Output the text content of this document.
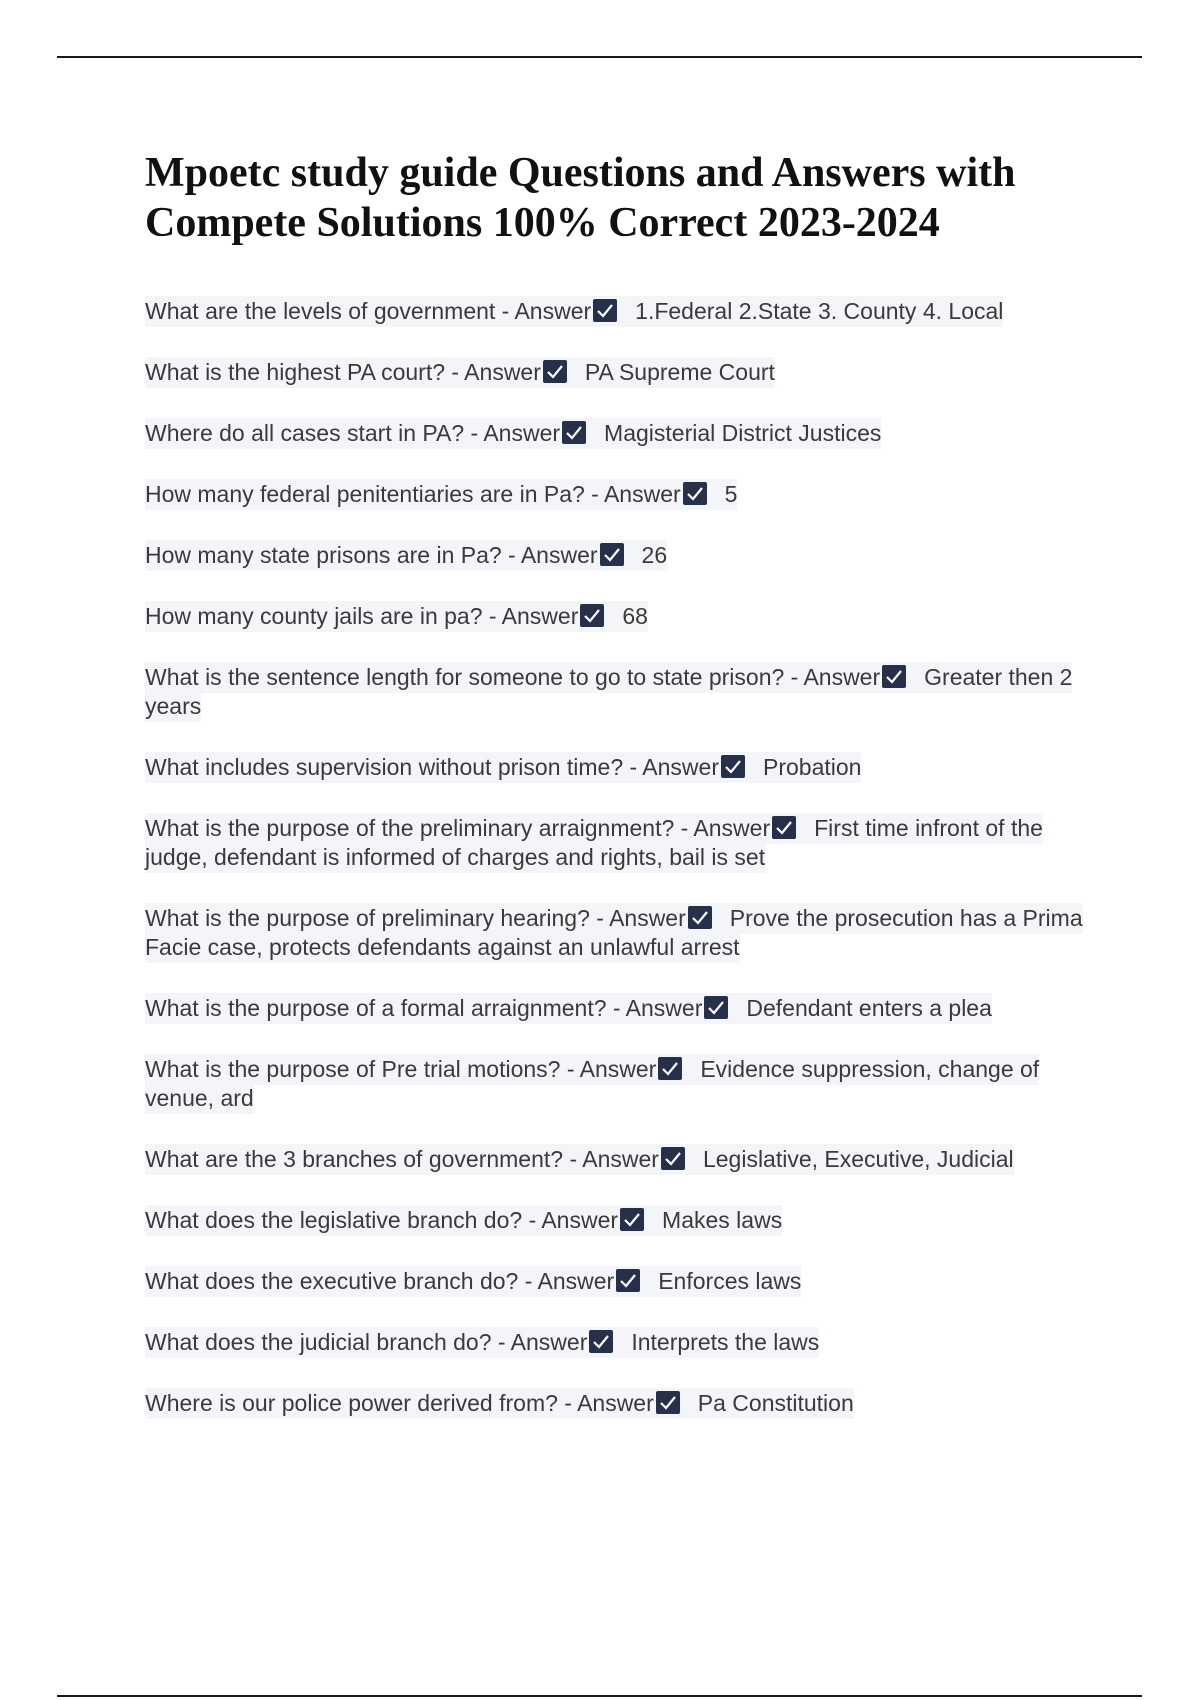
Mpoetc study guide Questions and Answers with Compete Solutions 100% Correct 2023-2024
What are the levels of government - Answer 1.Federal 2.State 3. County 4. Local
What is the highest PA court? - Answer PA Supreme Court
Where do all cases start in PA? - Answer Magisterial District Justices
How many federal penitentiaries are in Pa? - Answer 5
How many state prisons are in Pa? - Answer 26
How many county jails are in pa? - Answer 68
What is the sentence length for someone to go to state prison? - Answer Greater then 2 years
What includes supervision without prison time? - Answer Probation
What is the purpose of the preliminary arraignment? - Answer First time infront of the judge, defendant is informed of charges and rights, bail is set
What is the purpose of preliminary hearing? - Answer Prove the prosecution has a Prima Facie case, protects defendants against an unlawful arrest
What is the purpose of a formal arraignment? - Answer Defendant enters a plea
What is the purpose of Pre trial motions? - Answer Evidence suppression, change of venue, ard
What are the 3 branches of government? - Answer Legislative, Executive, Judicial
What does the legislative branch do? - Answer Makes laws
What does the executive branch do? - Answer Enforces laws
What does the judicial branch do? - Answer Interprets the laws
Where is our police power derived from? - Answer Pa Constitution
